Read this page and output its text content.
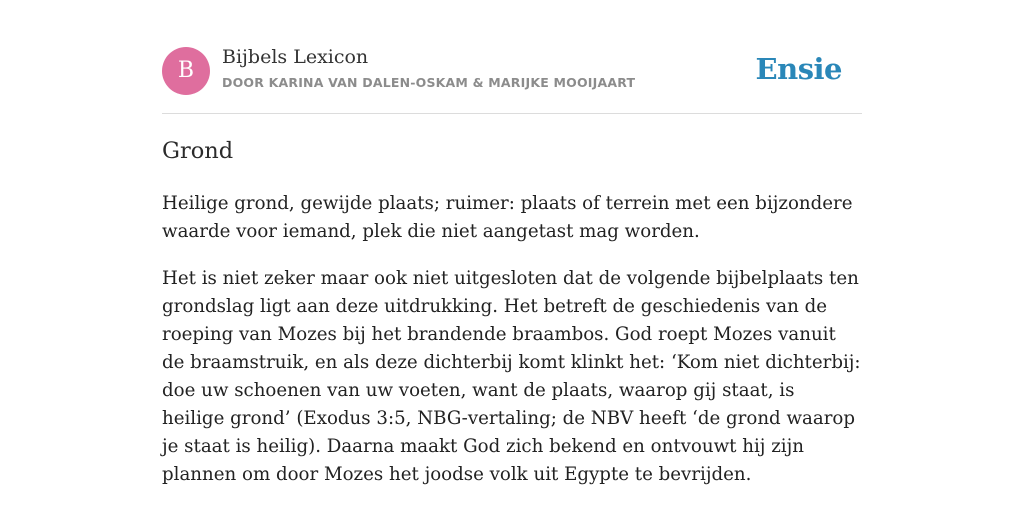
B
Bijbels Lexicon
DOOR KARINA VAN DALEN-OSKAM & MARIJKE MOOIJAART	Ensie
Grond

Heilige grond, gewijde plaats; ruimer: plaats of terrein met een bijzondere waarde voor iemand, plek die niet aangetast mag worden.

Het is niet zeker maar ook niet uitgesloten dat de volgende bijbelplaats ten grondslag ligt aan deze uitdrukking. Het betreft de geschiedenis van de roeping van Mozes bij het brandende braambos. God roept Mozes vanuit de braamstruik, en als deze dichterbij komt klinkt het: ‘Kom niet dichterbij: doe uw schoenen van uw voeten, want de plaats, waarop gij staat, is heilige grond’ (Exodus 3:5, NBG-vertaling; de NBV heeft ‘de grond waarop je staat is heilig). Daarna maakt God zich bekend en ontvouwt hij zijn plannen om door Mozes het joodse volk uit Egypte te bevrijden.
